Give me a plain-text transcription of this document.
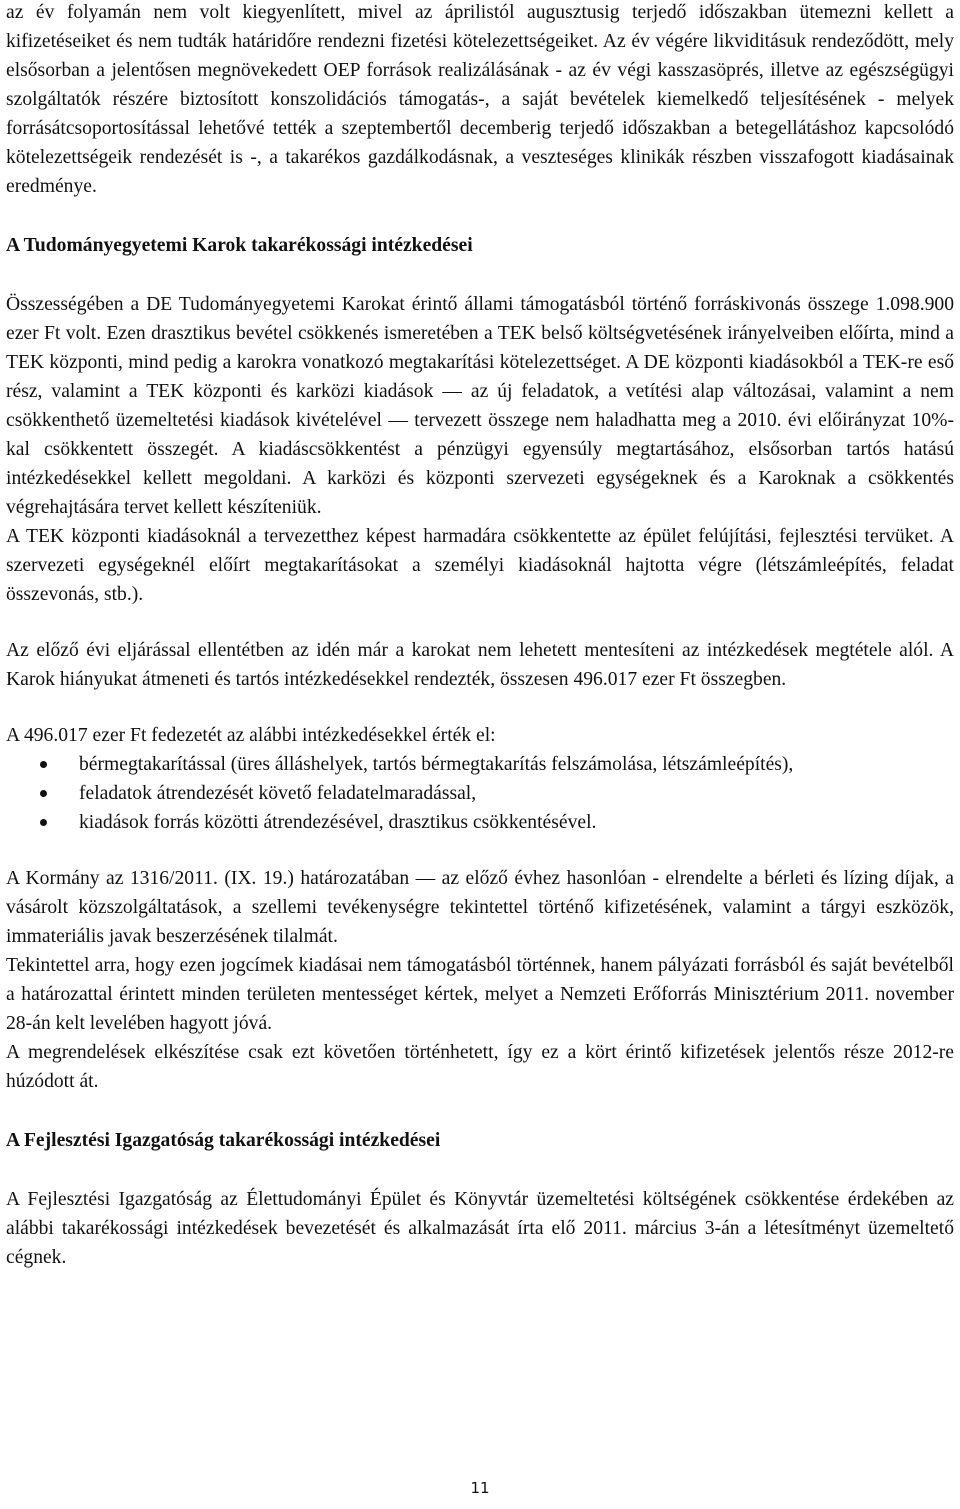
az év folyamán nem volt kiegyenlített, mivel az áprilistól augusztusig terjedő időszakban ütemezni kellett a kifizetéseiket és nem tudták határidőre rendezni fizetési kötelezettségeiket. Az év végére likviditásuk rendeződött, mely elsősorban a jelentősen megnövekedett OEP források realizálásának - az év végi kasszasöprés, illetve az egészségügyi szolgáltatók részére biztosított konszolidációs támogatás-, a saját bevételek kiemelkedő teljesítésének - melyek forrásátcsoportosítással lehetővé tették a szeptembertől decemberig terjedő időszakban a betegellátáshoz kapcsolódó kötelezettségeik rendezését is -, a takarékos gazdálkodásnak, a veszteséges klinikák részben visszafogott kiadásainak eredménye.

A Tudományegyetemi Karok takarékossági intézkedései

Összességében a DE Tudományegyetemi Karokat érintő állami támogatásból történő forráskivonás összege 1.098.900 ezer Ft volt. Ezen drasztikus bevétel csökkenés ismeretében a TEK belső költségvetésének irányelveiben előírta, mind a TEK központi, mind pedig a karokra vonatkozó megtakarítási kötelezettséget. A DE központi kiadásokból a TEK-re eső rész, valamint a TEK központi és karközi kiadások — az új feladatok, a vetítési alap változásai, valamint a nem csökkenthető üzemeltetési kiadások kivételével — tervezett összege nem haladhatta meg a 2010. évi előirányzat 10%-kal csökkentett összegét. A kiadáscsökkentést a pénzügyi egyensúly megtartásához, elsősorban tartós hatású intézkedésekkel kellett megoldani. A karközi és központi szervezeti egységeknek és a Karoknak a csökkentés végrehajtására tervet kellett készíteniük.

A TEK központi kiadásoknál a tervezetthez képest harmadára csökkentette az épület felújítási, fejlesztési tervüket. A szervezeti egységeknél előírt megtakarításokat a személyi kiadásoknál hajtotta végre (létszámleépítés, feladat összevonás, stb.).

Az előző évi eljárással ellentétben az idén már a karokat nem lehetett mentesíteni az intézkedések megtétele alól. A Karok hiányukat átmeneti és tartós intézkedésekkel rendezték, összesen 496.017 ezer Ft összegben.

A 496.017 ezer Ft fedezetét az alábbi intézkedésekkel érték el:

bérmegtakarítással (üres álláshelyek, tartós bérmegtakarítás felszámolása, létszámleépítés),
feladatok átrendezését követő feladatelmaradással,
kiadások forrás közötti átrendezésével, drasztikus csökkentésével.

A Kormány az 1316/2011. (IX. 19.) határozatában — az előző évhez hasonlóan - elrendelte a bérleti és lízing díjak, a vásárolt közszolgáltatások, a szellemi tevékenységre tekintettel történő kifizetésének, valamint a tárgyi eszközök, immateriális javak beszerzésének tilalmát.

Tekintettel arra, hogy ezen jogcímek kiadásai nem támogatásból történnek, hanem pályázati forrásból és saját bevételből a határozattal érintett minden területen mentességet kértek, melyet a Nemzeti Erőforrás Minisztérium 2011. november 28-án kelt levelében hagyott jóvá.

A megrendelések elkészítése csak ezt követően történhetett, így ez a kört érintő kifizetések jelentős része 2012-re húzódott át.

A Fejlesztési Igazgatóság takarékossági intézkedései

A Fejlesztési Igazgatóság az Élettudományi Épület és Könyvtár üzemeltetési költségének csökkentése érdekében az alábbi takarékossági intézkedések bevezetését és alkalmazását írta elő 2011. március 3-án a létesítményt üzemeltető cégnek.

11
